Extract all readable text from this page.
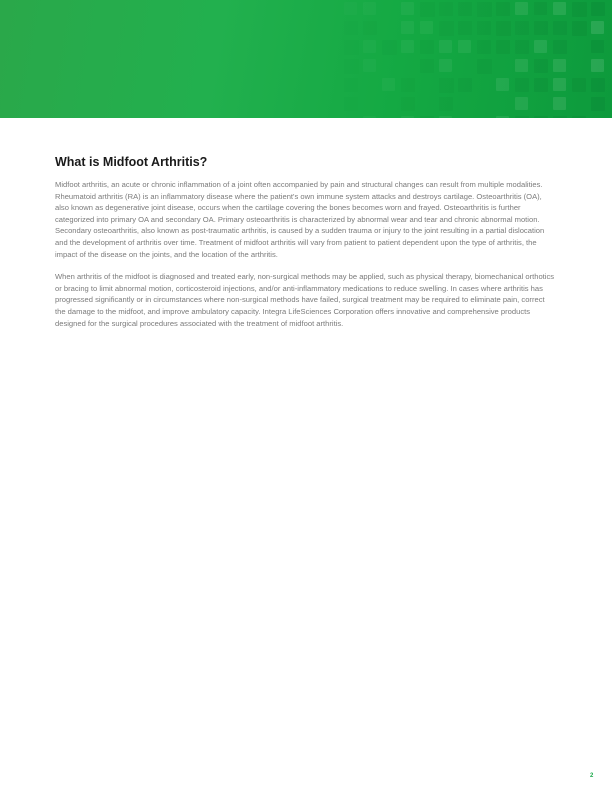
What is Midfoot Arthritis?

Midfoot arthritis, an acute or chronic inflammation of a joint often accompanied by pain and structural changes can result from multiple modalities. Rheumatoid arthritis (RA) is an inflammatory disease where the patient's own immune system attacks and destroys cartilage. Osteoarthritis (OA), also known as degenerative joint disease, occurs when the cartilage covering the bones becomes worn and frayed. Osteoarthritis is further categorized into primary OA and secondary OA. Primary osteoarthritis is characterized by abnormal wear and tear and chronic abnormal motion. Secondary osteoarthritis, also known as post-traumatic arthritis, is caused by a sudden trauma or injury to the joint resulting in a partial dislocation and the development of arthritis over time. Treatment of midfoot arthritis will vary from patient to patient dependent upon the type of arthritis, the impact of the disease on the joints, and the location of the arthritis.

When arthritis of the midfoot is diagnosed and treated early, non-surgical methods may be applied, such as physical therapy, biomechanical orthotics or bracing to limit abnormal motion, corticosteroid injections, and/or anti-inflammatory medications to reduce swelling. In cases where arthritis has progressed significantly or in circumstances where non-surgical methods have failed, surgical treatment may be required to eliminate pain, correct the damage to the midfoot, and improve ambulatory capacity. Integra LifeSciences Corporation offers innovative and comprehensive products designed for the surgical procedures associated with the treatment of midfoot arthritis.

2
